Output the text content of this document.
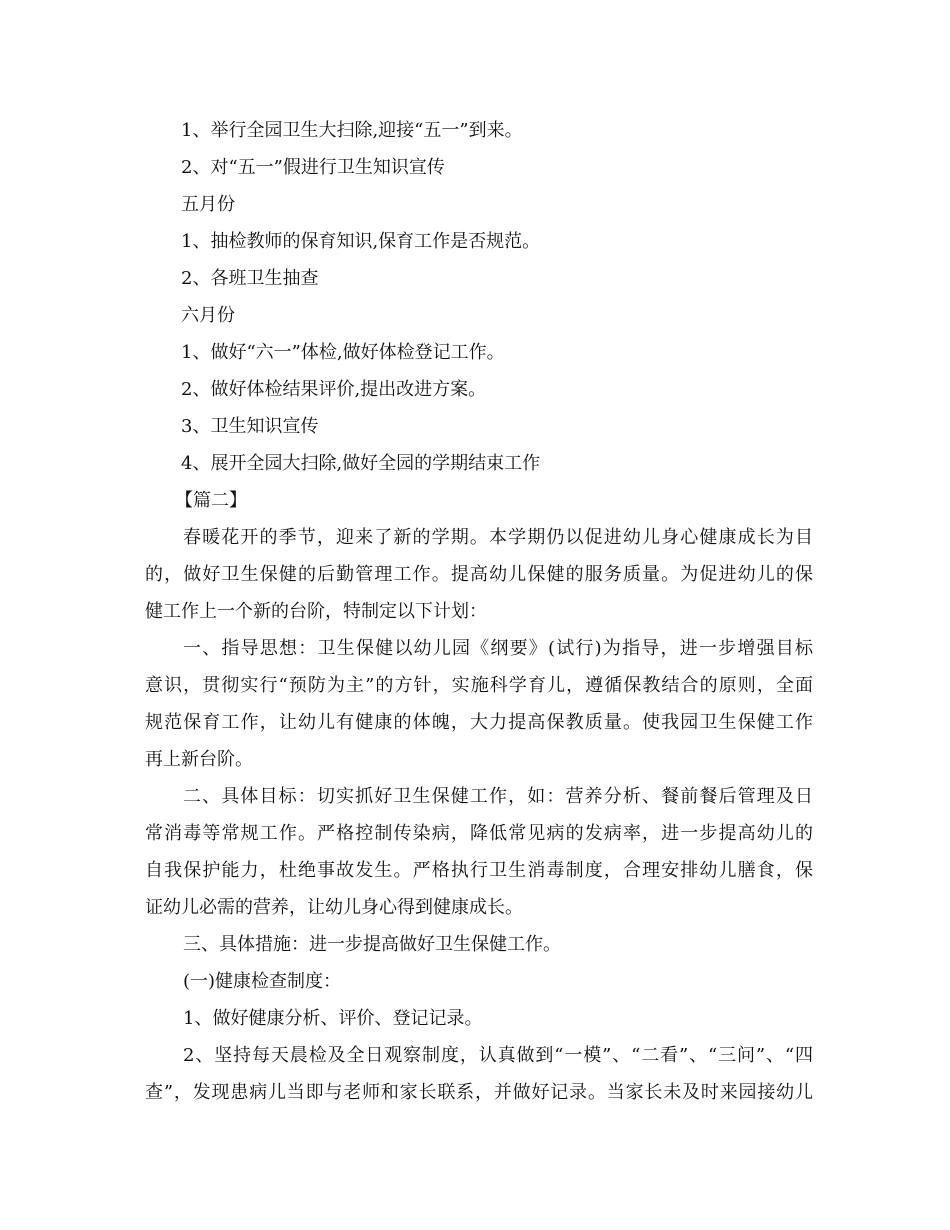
1、举行全园卫生大扫除,迎接“五一”到来。
2、对“五一”假进行卫生知识宣传
五月份
1、抽检教师的保育知识,保育工作是否规范。
2、各班卫生抽查
六月份
1、做好“六一”体检,做好体检登记工作。
2、做好体检结果评价,提出改进方案。
3、卫生知识宣传
4、展开全园大扫除,做好全园的学期结束工作
【篇二】
春暖花开的季节，迎来了新的学期。本学期仍以促进幼儿身心健康成长为目
的，做好卫生保健的后勤管理工作。提高幼儿保健的服务质量。为促进幼儿的保
健工作上一个新的台阶，特制定以下计划：
一、指导思想：卫生保健以幼儿园《纲要》(试行)为指导，进一步增强目标
意识，贯彻实行“预防为主”的方针，实施科学育儿，遵循保教结合的原则，全面
规范保育工作，让幼儿有健康的体魄，大力提高保教质量。使我园卫生保健工作
再上新台阶。
二、具体目标：切实抓好卫生保健工作，如：营养分析、餐前餐后管理及日
常消毒等常规工作。严格控制传染病，降低常见病的发病率，进一步提高幼儿的
自我保护能力，杜绝事故发生。严格执行卫生消毒制度，合理安排幼儿膳食，保
证幼儿必需的营养，让幼儿身心得到健康成长。
三、具体措施：进一步提高做好卫生保健工作。
(一)健康检查制度：
1、做好健康分析、评价、登记记录。
2、坚持每天晨检及全日观察制度，认真做到“一模”、“二看”、“三问”、“四
查”，发现患病儿当即与老师和家长联系，并做好记录。当家长未及时来园接幼儿
